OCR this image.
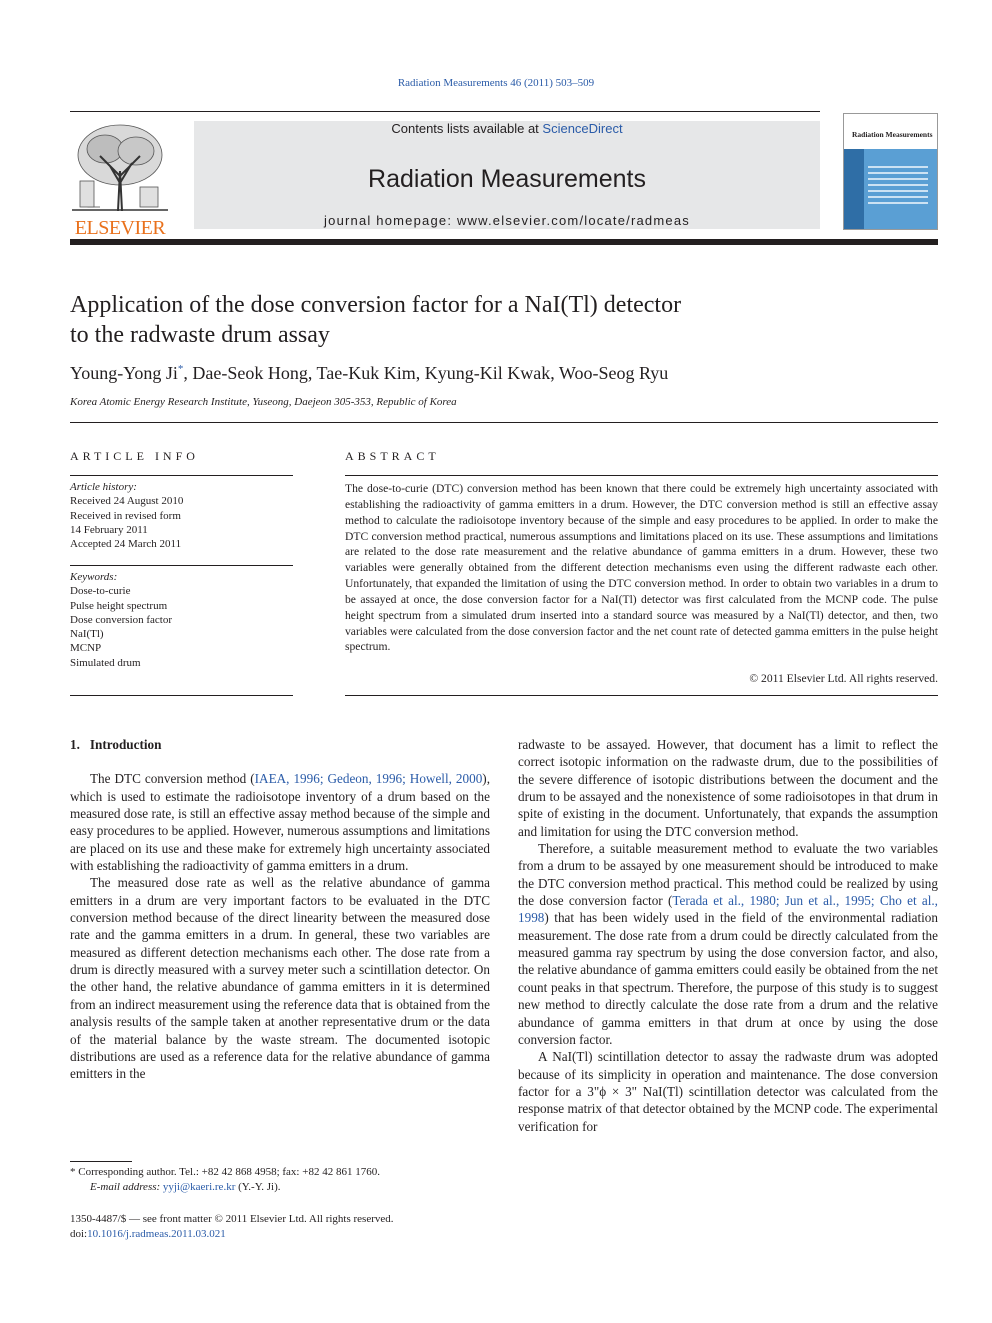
Radiation Measurements 46 (2011) 503–509
ELSEVIER
Contents lists available at ScienceDirect
Radiation Measurements
journal homepage: www.elsevier.com/locate/radmeas
Radiation Measurements
Application of the dose conversion factor for a NaI(Tl) detector
to the radwaste drum assay
Young-Yong Ji*, Dae-Seok Hong, Tae-Kuk Kim, Kyung-Kil Kwak, Woo-Seog Ryu
Korea Atomic Energy Research Institute, Yuseong, Daejeon 305-353, Republic of Korea
ARTICLE INFO
Article history:
Received 24 August 2010
Received in revised form
14 February 2011
Accepted 24 March 2011
Keywords:
Dose-to-curie
Pulse height spectrum
Dose conversion factor
NaI(Tl)
MCNP
Simulated drum
ABSTRACT
The dose-to-curie (DTC) conversion method has been known that there could be extremely high uncertainty associated with establishing the radioactivity of gamma emitters in a drum. However, the DTC conversion method is still an effective assay method to calculate the radioisotope inventory because of the simple and easy procedures to be applied. In order to make the DTC conversion method practical, numerous assumptions and limitations placed on its use. These assumptions and limitations are related to the dose rate measurement and the relative abundance of gamma emitters in a drum. However, these two variables were generally obtained from the different detection mechanisms even using the different radwaste each other. Unfortunately, that expanded the limitation of using the DTC conversion method. In order to obtain two variables in a drum to be assayed at once, the dose conversion factor for a NaI(Tl) detector was first calculated from the MCNP code. The pulse height spectrum from a simulated drum inserted into a standard source was measured by a NaI(Tl) detector, and then, two variables were calculated from the dose conversion factor and the net count rate of detected gamma emitters in the pulse height spectrum.
© 2011 Elsevier Ltd. All rights reserved.
1. Introduction

The DTC conversion method (IAEA, 1996; Gedeon, 1996; Howell, 2000), which is used to estimate the radioisotope inventory of a drum based on the measured dose rate, is still an effective assay method because of the simple and easy procedures to be applied. However, numerous assumptions and limitations are placed on its use and these make for extremely high uncertainty associated with establishing the radioactivity of gamma emitters in a drum.

The measured dose rate as well as the relative abundance of gamma emitters in a drum are very important factors to be evaluated in the DTC conversion method because of the direct linearity between the measured dose rate and the gamma emitters in a drum. In general, these two variables are measured as different detection mechanisms each other. The dose rate from a drum is directly measured with a survey meter such a scintillation detector. On the other hand, the relative abundance of gamma emitters in it is determined from an indirect measurement using the reference data that is obtained from the analysis results of the sample taken at another representative drum or the data of the material balance by the waste stream. The documented isotopic distributions are used as a reference data for the relative abundance of gamma emitters in the

radwaste to be assayed. However, that document has a limit to reflect the correct isotopic information on the radwaste drum, due to the possibilities of the severe difference of isotopic distributions between the document and the drum to be assayed and the nonexistence of some radioisotopes in that drum in spite of existing in the document. Unfortunately, that expands the assumption and limitation for using the DTC conversion method.

Therefore, a suitable measurement method to evaluate the two variables from a drum to be assayed by one measurement should be introduced to make the DTC conversion method practical. This method could be realized by using the dose conversion factor (Terada et al., 1980; Jun et al., 1995; Cho et al., 1998) that has been widely used in the field of the environmental radiation measurement. The dose rate from a drum could be directly calculated from the measured gamma ray spectrum by using the dose conversion factor, and also, the relative abundance of gamma emitters could easily be obtained from the net count peaks in that spectrum. Therefore, the purpose of this study is to suggest new method to directly calculate the dose rate from a drum and the relative abundance of gamma emitters in that drum at once by using the dose conversion factor.

A NaI(Tl) scintillation detector to assay the radwaste drum was adopted because of its simplicity in operation and maintenance. The dose conversion factor for a 3"ϕ × 3" NaI(Tl) scintillation detector was calculated from the response matrix of that detector obtained by the MCNP code. The experimental verification for

* Corresponding author. Tel.: +82 42 868 4958; fax: +82 42 861 1760.
E-mail address: yyji@kaeri.re.kr (Y.-Y. Ji).
1350-4487/$ — see front matter © 2011 Elsevier Ltd. All rights reserved.
doi:10.1016/j.radmeas.2011.03.021
